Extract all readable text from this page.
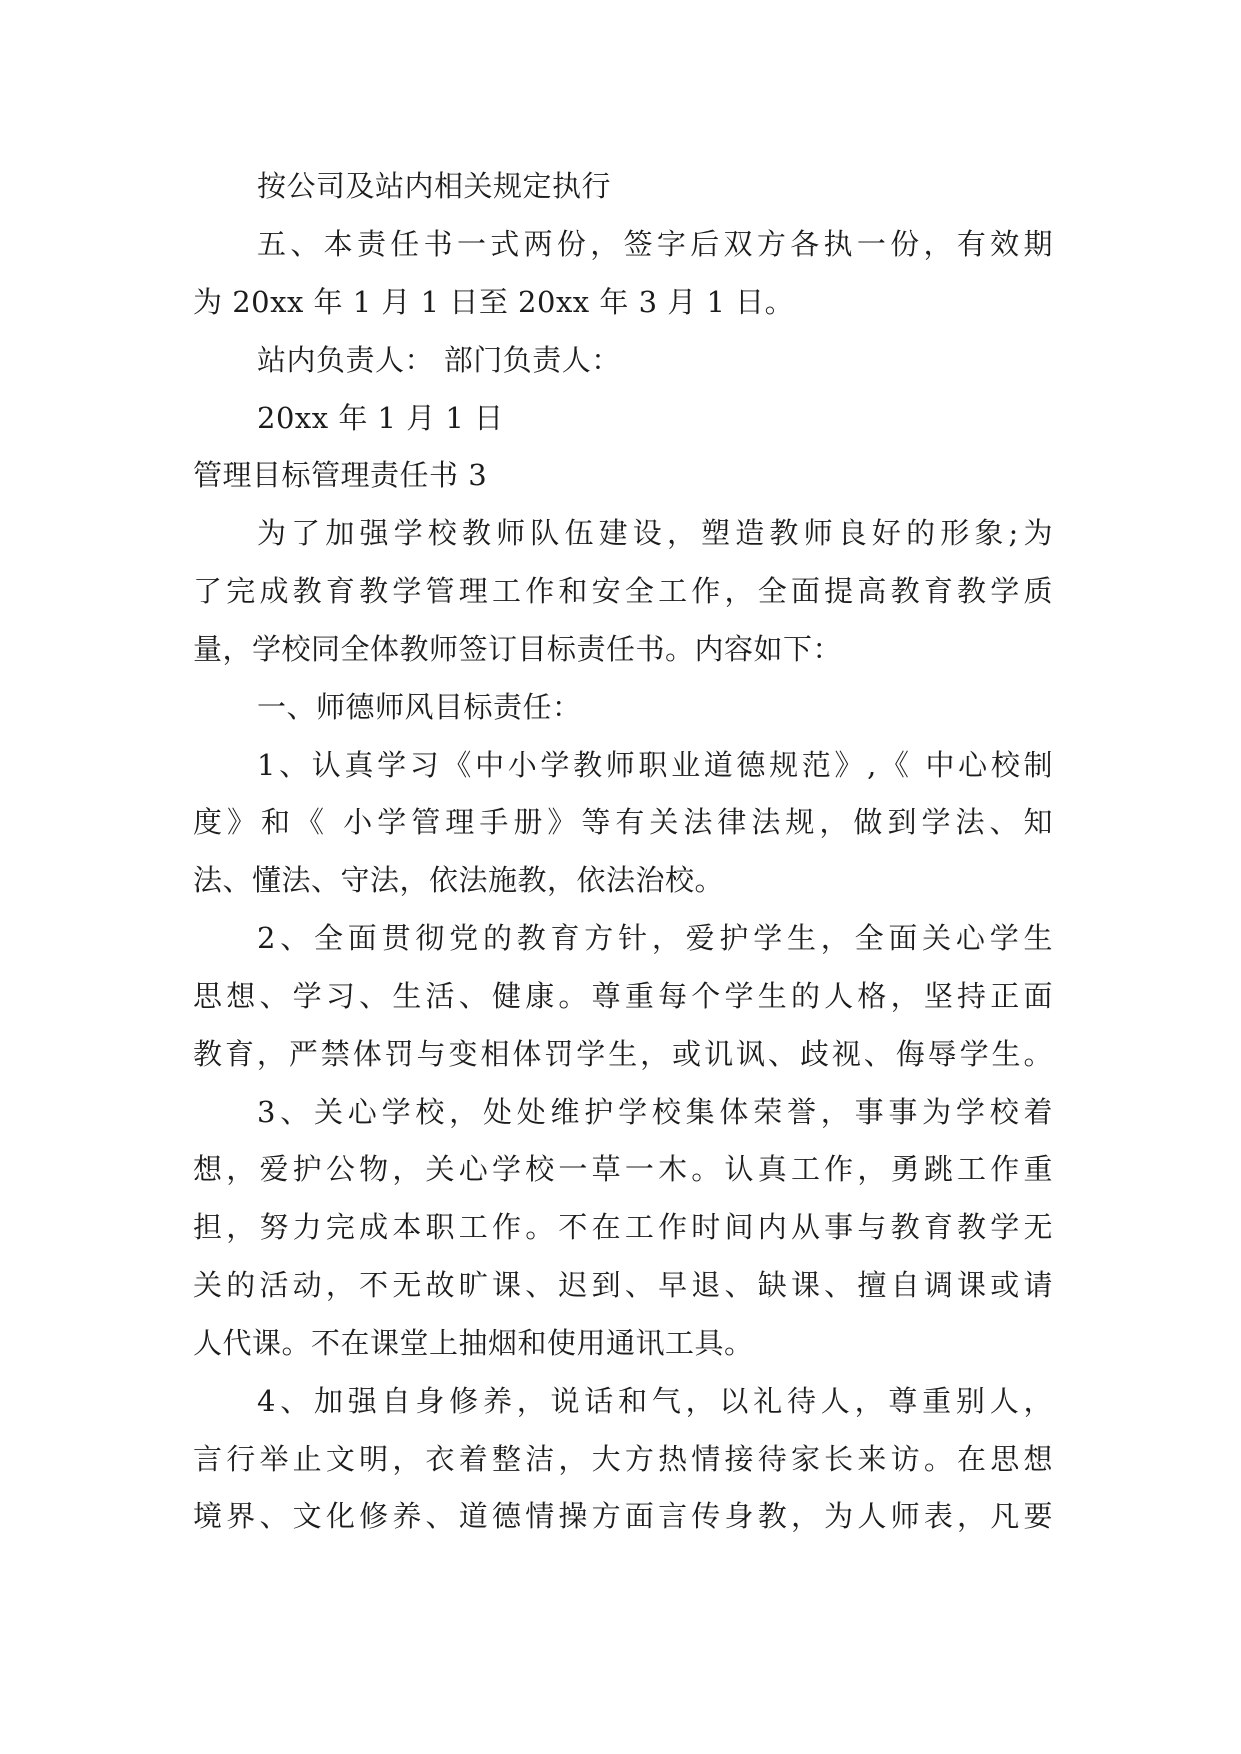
按公司及站内相关规定执行
五、本责任书一式两份，签字后双方各执一份，有效期
为 20xx 年 1 月 1 日至 20xx 年 3 月 1 日。
站内负责人： 部门负责人：
20xx 年 1 月 1 日
管理目标管理责任书 3
为了加强学校教师队伍建设，塑造教师良好的形象;为
了完成教育教学管理工作和安全工作，全面提高教育教学质
量，学校同全体教师签订目标责任书。内容如下：
一、师德师风目标责任：
1、认真学习《中小学教师职业道德规范》,《 中心校制
度》和《 小学管理手册》等有关法律法规，做到学法、知
法、懂法、守法，依法施教，依法治校。
2、全面贯彻党的教育方针，爱护学生，全面关心学生
思想、学习、生活、健康。尊重每个学生的人格，坚持正面
教育，严禁体罚与变相体罚学生，或讥讽、歧视、侮辱学生。
3、关心学校，处处维护学校集体荣誉，事事为学校着
想，爱护公物，关心学校一草一木。认真工作，勇跳工作重
担，努力完成本职工作。不在工作时间内从事与教育教学无
关的活动，不无故旷课、迟到、早退、缺课、擅自调课或请
人代课。不在课堂上抽烟和使用通讯工具。
4、加强自身修养，说话和气，以礼待人，尊重别人，
言行举止文明，衣着整洁，大方热情接待家长来访。在思想
境界、文化修养、道德情操方面言传身教，为人师表，凡要
